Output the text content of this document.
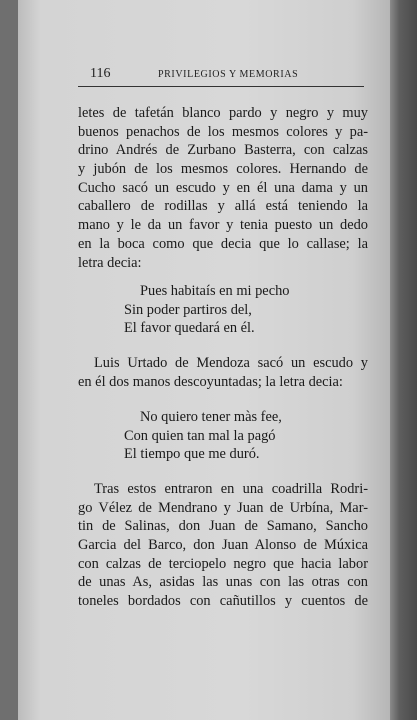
116	PRIVILEGIOS Y MEMORIAS
letes de tafetán blanco pardo y negro y muy
buenos penachos de los mesmos colores y pa-
drino Andrés de Zurbano Basterra, con calzas
y jubón de los mesmos colores. Hernando de
Cucho sacó un escudo y en él una dama y un
caballero de rodillas y allá está teniendo la
mano y le da un favor y tenia puesto un dedo
en la boca como que decia que lo callase; la
letra decia:
Pues habitaís en mi pecho
Sin poder partiros del,
El favor quedará en él.
Luis Urtado de Mendoza sacó un escudo y
en él dos manos descoyuntadas; la letra decia:
No quiero tener màs fee,
Con quien tan mal la pagó
El tiempo que me duró.
Tras estos entraron en una coadrilla Rodri-
go Vélez de Mendrano y Juan de Urbína, Mar-
tin de Salinas, don Juan de Samano, Sancho
Garcia del Barco, don Juan Alonso de Múxica
con calzas de terciopelo negro que hacia labor
de unas As, asidas las unas con las otras con
toneles bordados con cañutillos y cuentos de
